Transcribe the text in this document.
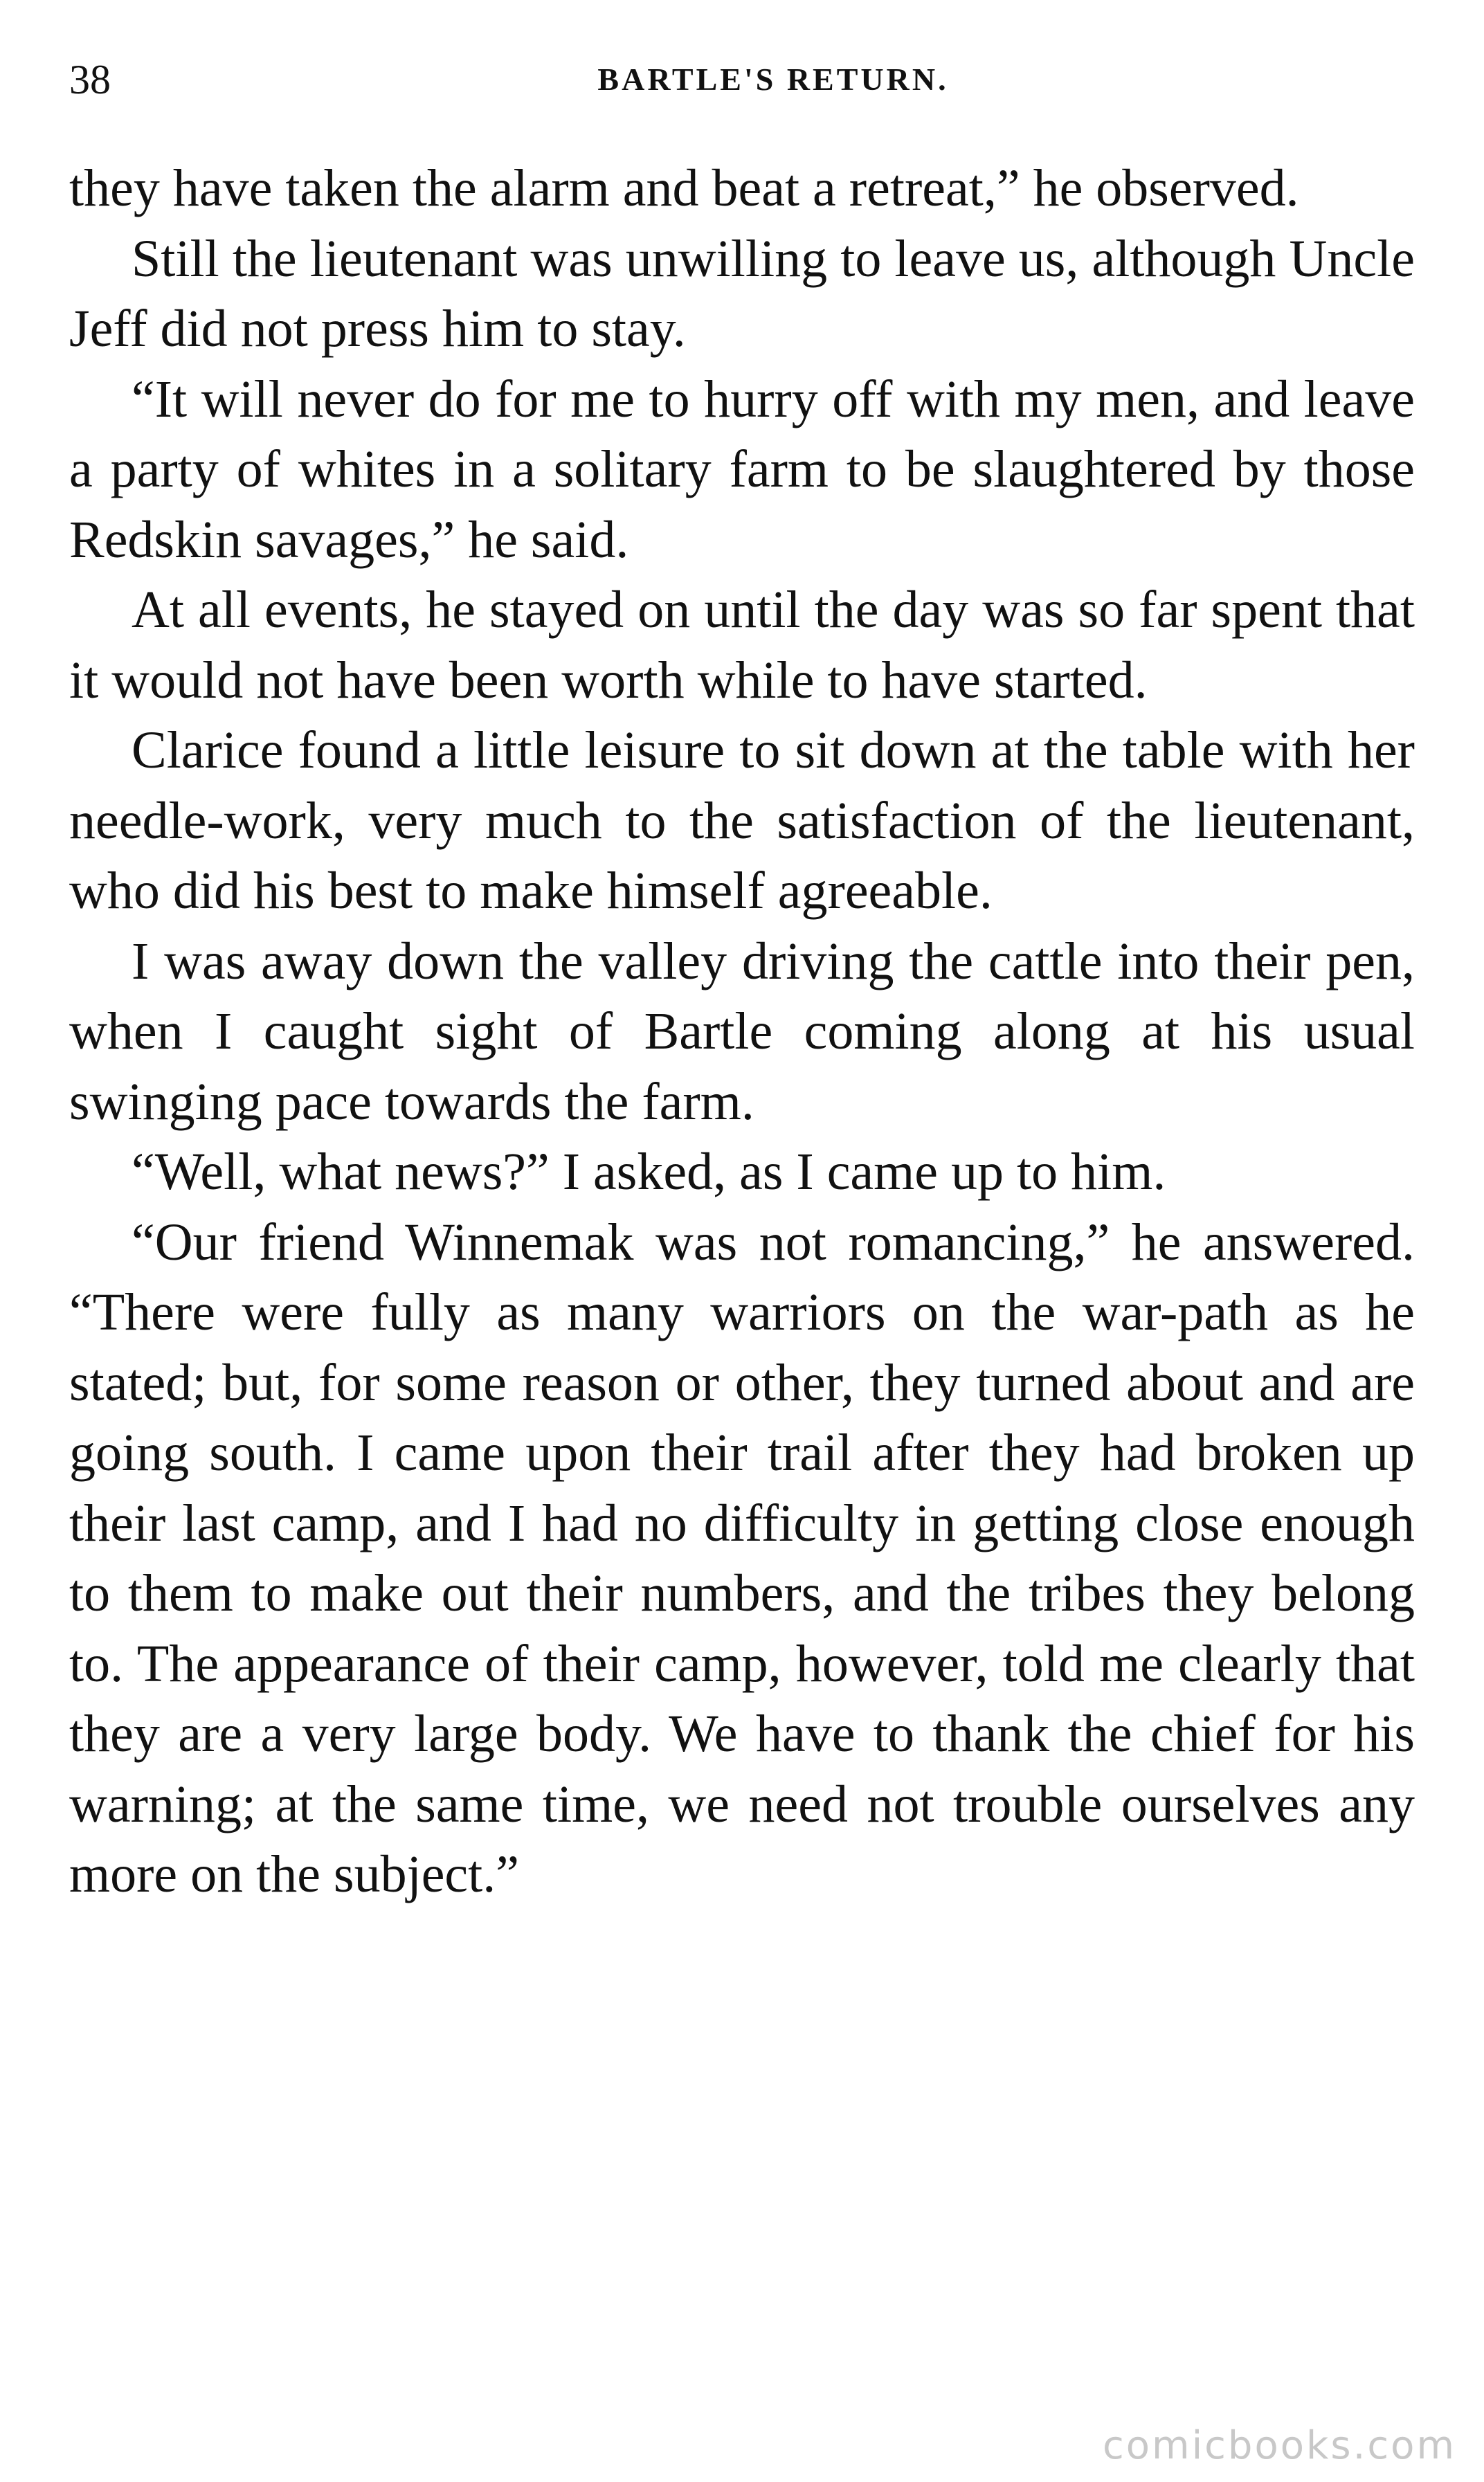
38	BARTLE'S RETURN.

they have taken the alarm and beat a retreat,” he observed.

Still the lieutenant was unwilling to leave us, although Uncle Jeff did not press him to stay.

“It will never do for me to hurry off with my men, and leave a party of whites in a solitary farm to be slaughtered by those Redskin savages,” he said.

At all events, he stayed on until the day was so far spent that it would not have been worth while to have started.

Clarice found a little leisure to sit down at the table with her needle-work, very much to the satisfaction of the lieutenant, who did his best to make himself agreeable.

I was away down the valley driving the cattle into their pen, when I caught sight of Bartle coming along at his usual swinging pace towards the farm.

“Well, what news?” I asked, as I came up to him.

“Our friend Winnemak was not romancing,” he answered. “There were fully as many warriors on the war-path as he stated; but, for some reason or other, they turned about and are going south. I came upon their trail after they had broken up their last camp, and I had no difficulty in getting close enough to them to make out their numbers, and the tribes they belong to. The appearance of their camp, however, told me clearly that they are a very large body. We have to thank the chief for his warning; at the same time, we need not trouble ourselves any more on the subject.”

comicbooks.com
